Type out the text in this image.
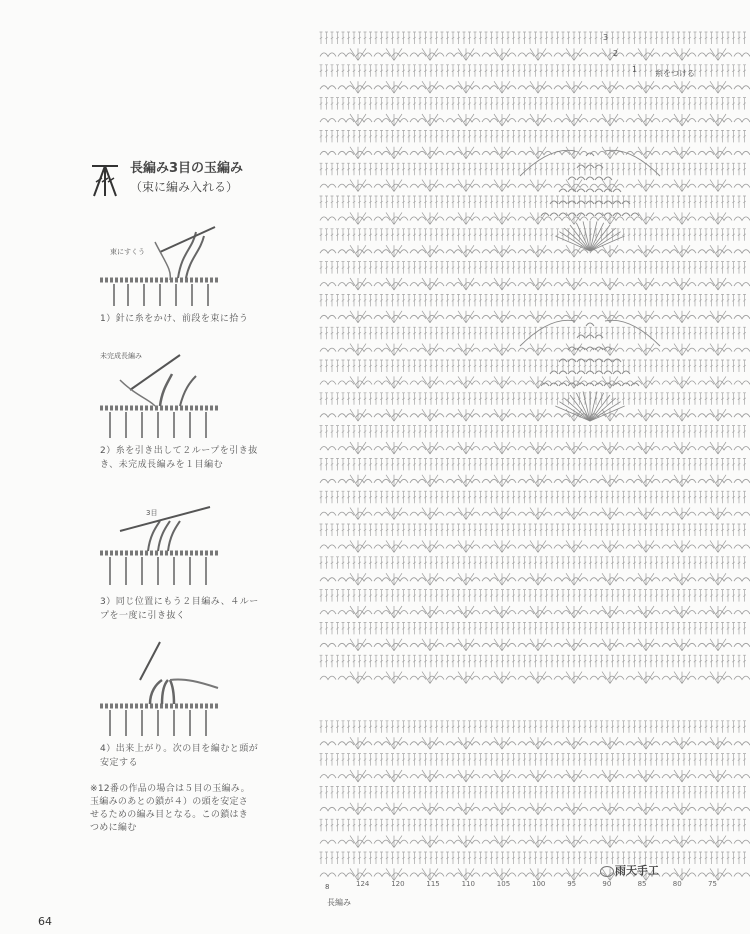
長編み3目の玉編み
（束に編み入れる）
束にすくう
1）針に糸をかけ、前段を束に拾う
未完成長編み
2）糸を引き出して２ループを引き抜き、未完成長編みを１目編む
3目
3）同じ位置にもう２目編み、４ループを一度に引き抜く
4）出来上がり。次の目を編むと頭が安定する
※12番の作品の場合は５目の玉編み。玉編みのあとの鎖が４）の頭を安定させるための編み目となる。この鎖はきつめに編む
64
3
2
1 糸をつける
124	120	115	110	105	100	95	90	85	80	75
8
長編み
雨天手工
